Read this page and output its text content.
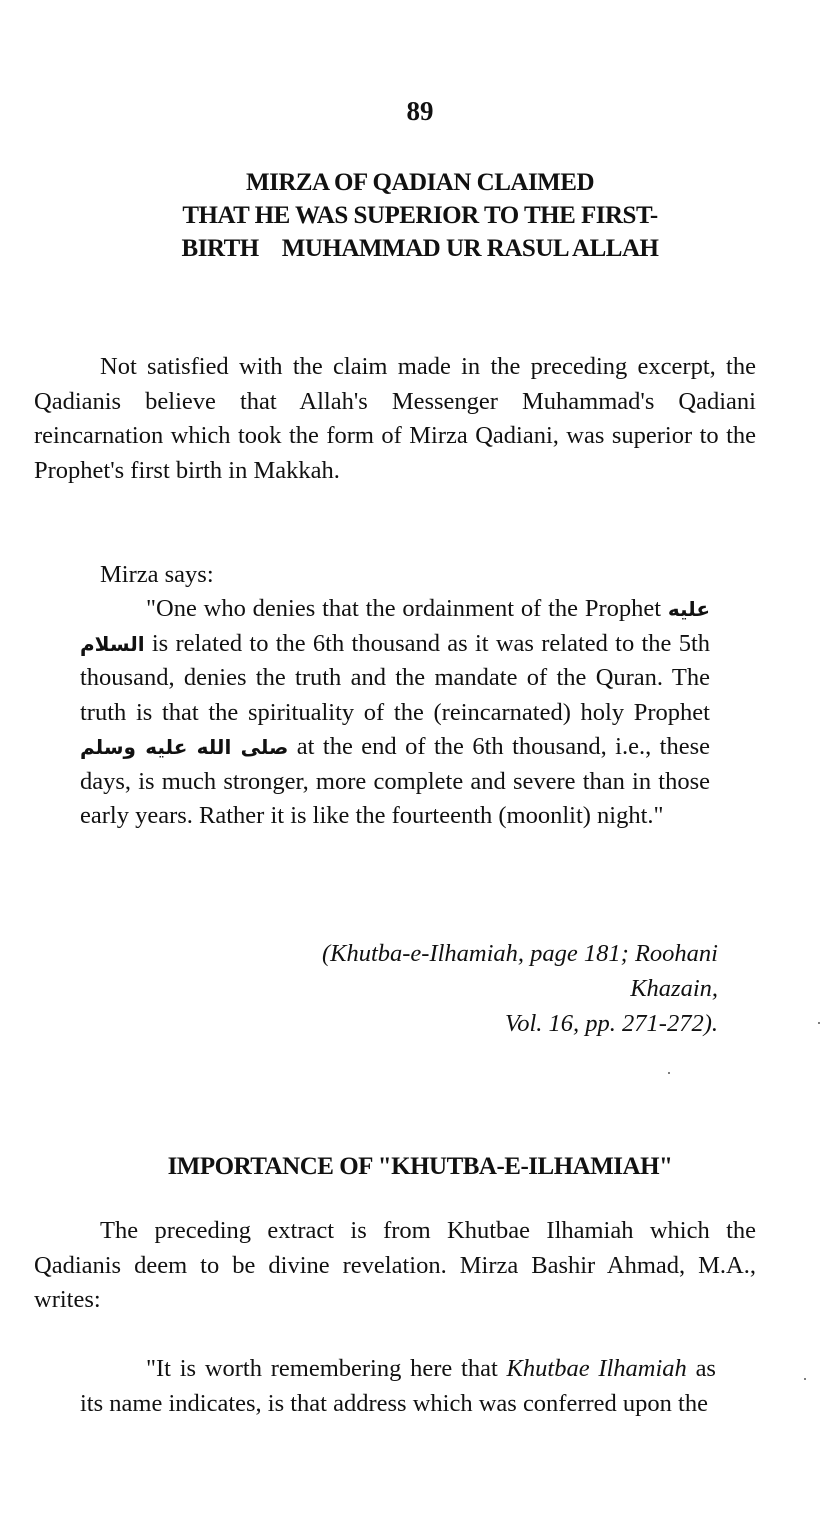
89
MIRZA OF QADIAN CLAIMED
THAT HE WAS SUPERIOR TO THE FIRST-
BIRTH    MUHAMMAD UR RASUL ALLAH

Not satisfied with the claim made in the preceding excerpt, the Qadianis believe that Allah's Messenger Muhammad's Qadiani reincarnation which took the form of Mirza Qadiani, was superior to the Prophet's first birth in Makkah.

Mirza says:

"One who denies that the ordainment of the Prophet عليه السلام is related to the 6th thousand as it was related to the 5th thousand, denies the truth and the mandate of the Quran. The truth is that the spirituality of the (reincarnated) holy Prophet صلى الله عليه وسلم at the end of the 6th thousand, i.e., these days, is much stronger, more complete and severe than in those early years. Rather it is like the fourteenth (moonlit) night."

(Khutba-e-Ilhamiah, page 181; Roohani
Khazain,
Vol. 16, pp. 271-272).
IMPORTANCE OF "KHUTBA-E-ILHAMIAH"

The preceding extract is from Khutbae Ilhamiah which the Qadianis deem to be divine revelation. Mirza Bashir Ahmad, M.A., writes:

"It is worth remembering here that Khutbae Ilhamiah as its name indicates, is that address which was conferred upon the
